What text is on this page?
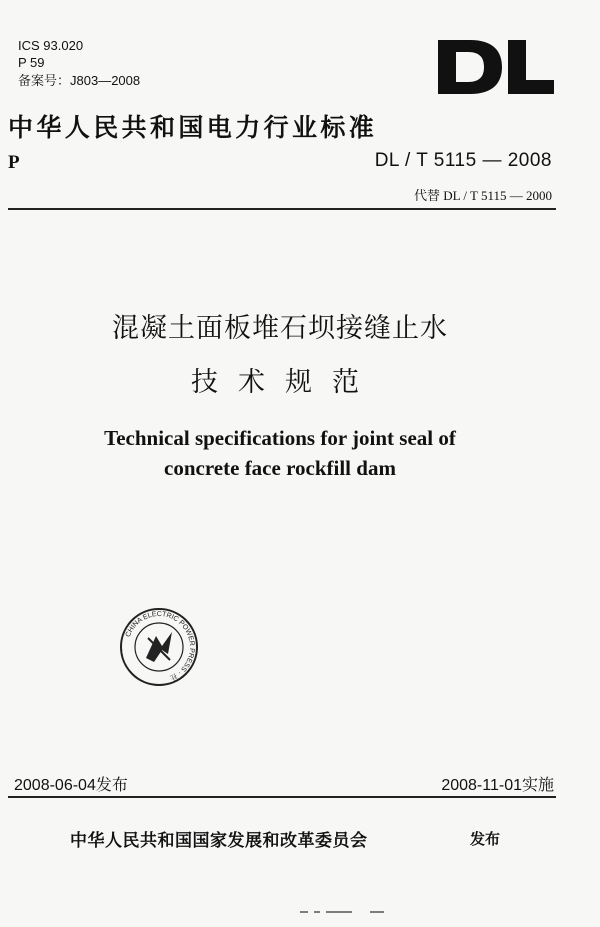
ICS 93.020
P 59
备案号：J803—2008
中华人民共和国电力行业标准
P	DL / T 5115 — 2008
代替 DL / T 5115 — 2000
混凝土面板堆石坝接缝止水
技术规范
Technical specifications for joint seal of
concrete face rockfill dam
CHINA ELECTRIC POWER PRESS · 社
2008-06-04发布	2008-11-01实施
中华人民共和国国家发展和改革委员会	发布
